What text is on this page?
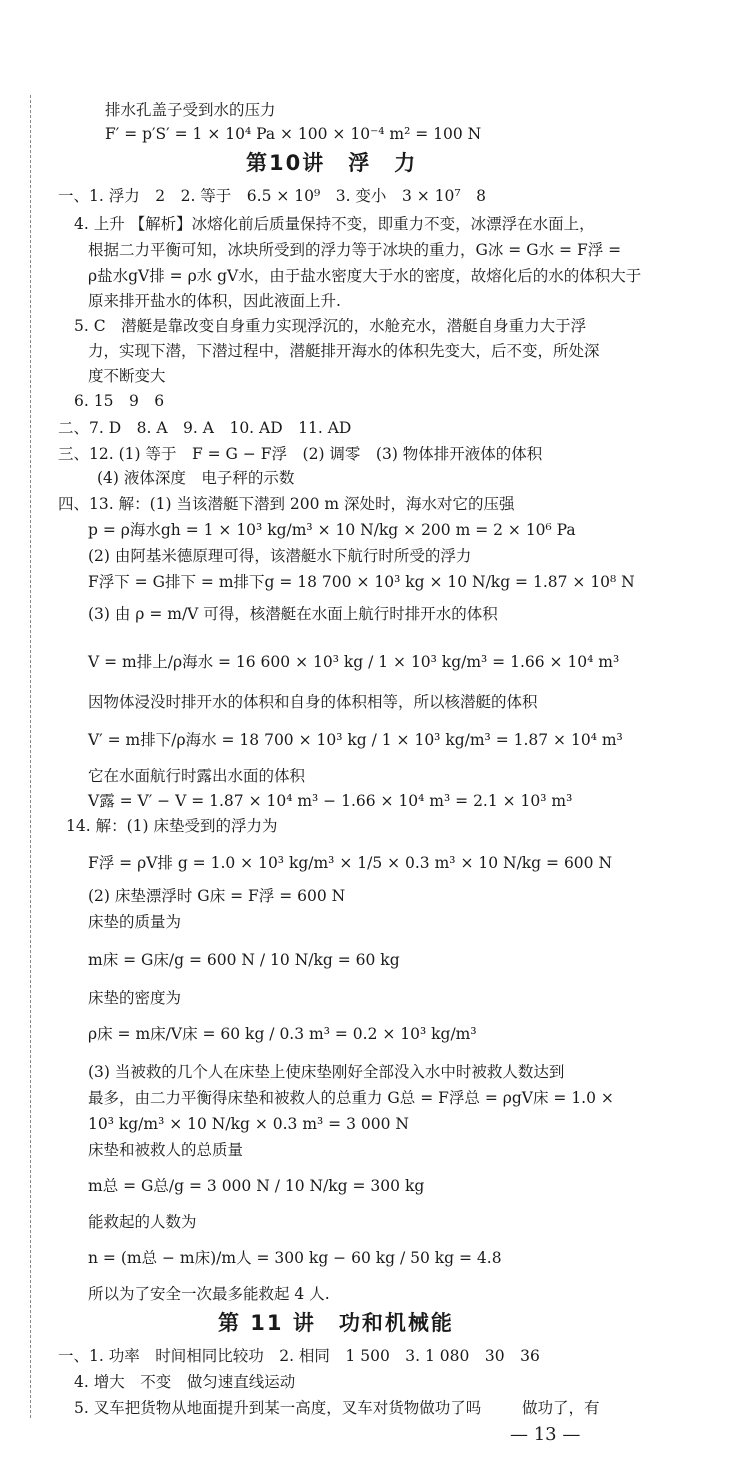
排水孔盖子受到水的压力
F′ = p′S′ = 1 × 10⁴ Pa × 100 × 10⁻⁴ m² = 100 N
第10讲　浮　力
一、1. 浮力　2　2. 等于　6.5 × 10⁹　3. 变小　3 × 10⁷　8
4. 上升 【解析】冰熔化前后质量保持不变，即重力不变，冰漂浮在水面上，
根据二力平衡可知，冰块所受到的浮力等于冰块的重力，G冰 = G水 = F浮 =
ρ盐水gV排 = ρ水 gV水，由于盐水密度大于水的密度，故熔化后的水的体积大于
原来排开盐水的体积，因此液面上升.
5. C　潜艇是靠改变自身重力实现浮沉的，水舱充水，潜艇自身重力大于浮
力，实现下潜，下潜过程中，潜艇排开海水的体积先变大，后不变，所处深
度不断变大
6. 15　9　6
二、7. D　8. A　9. A　10. AD　11. AD
三、12. (1) 等于　F = G − F浮　(2) 调零　(3) 物体排开液体的体积
(4) 液体深度　电子秤的示数
四、13. 解：(1) 当该潜艇下潜到 200 m 深处时，海水对它的压强
p = ρ海水gh = 1 × 10³ kg/m³ × 10 N/kg × 200 m = 2 × 10⁶ Pa
(2) 由阿基米德原理可得，该潜艇水下航行时所受的浮力
F浮下 = G排下 = m排下g = 18 700 × 10³ kg × 10 N/kg = 1.87 × 10⁸ N
(3) 由 ρ = m/V 可得，核潜艇在水面上航行时排开水的体积
V = m排上/ρ海水 = 16 600 × 10³ kg / 1 × 10³ kg/m³ = 1.66 × 10⁴ m³
因物体浸没时排开水的体积和自身的体积相等，所以核潜艇的体积
V′ = m排下/ρ海水 = 18 700 × 10³ kg / 1 × 10³ kg/m³ = 1.87 × 10⁴ m³
它在水面航行时露出水面的体积
V露 = V′ − V = 1.87 × 10⁴ m³ − 1.66 × 10⁴ m³ = 2.1 × 10³ m³
14. 解：(1) 床垫受到的浮力为
F浮 = ρV排 g = 1.0 × 10³ kg/m³ × 1/5 × 0.3 m³ × 10 N/kg = 600 N
(2) 床垫漂浮时 G床 = F浮 = 600 N
床垫的质量为
m床 = G床/g = 600 N / 10 N/kg = 60 kg
床垫的密度为
ρ床 = m床/V床 = 60 kg / 0.3 m³ = 0.2 × 10³ kg/m³
(3) 当被救的几个人在床垫上使床垫刚好全部没入水中时被救人数达到
最多，由二力平衡得床垫和被救人的总重力 G总 = F浮总 = ρgV床 = 1.0 ×
10³ kg/m³ × 10 N/kg × 0.3 m³ = 3 000 N
床垫和被救人的总质量
m总 = G总/g = 3 000 N / 10 N/kg = 300 kg
能救起的人数为
n = (m总 − m床)/m人 = 300 kg − 60 kg / 50 kg = 4.8
所以为了安全一次最多能救起 4 人.
第 11 讲　功和机械能
一、1. 功率　时间相同比较功　2. 相同　1 500　3. 1 080　30　36
4. 增大　不变　做匀速直线运动
5. 叉车把货物从地面提升到某一高度，叉车对货物做功了吗	做功了，有
— 13 —
